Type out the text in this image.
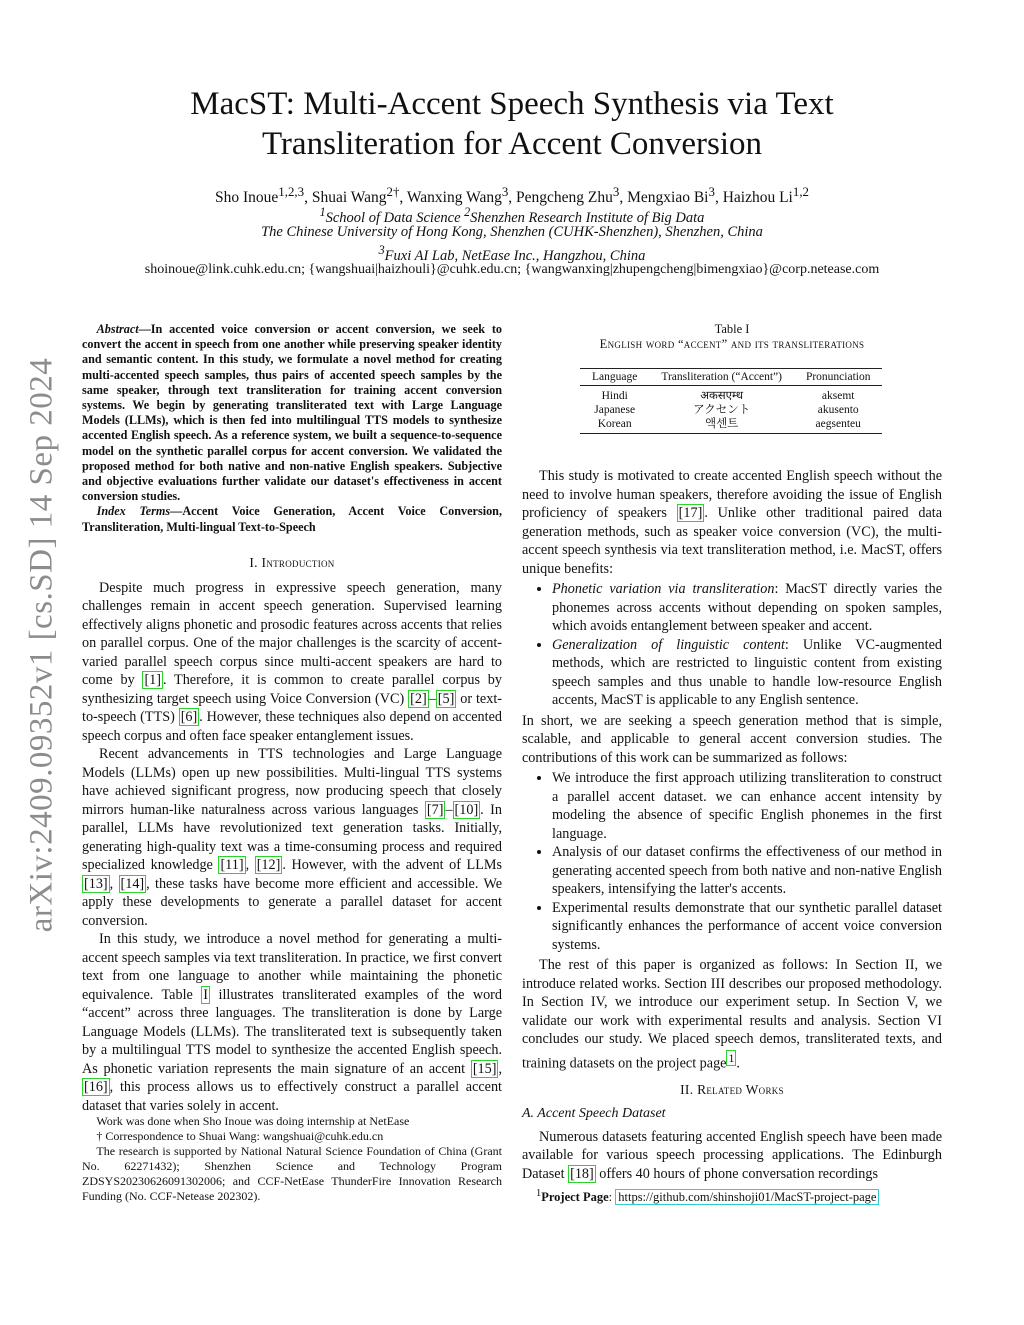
arXiv:2409.09352v1 [cs.SD] 14 Sep 2024
MacST: Multi-Accent Speech Synthesis via Text Transliteration for Accent Conversion
Sho Inoue$^{1,2,3}$, Shuai Wang$^{2\dagger}$, Wanxing Wang$^3$, Pengcheng Zhu$^3$, Mengxiao Bi$^3$, Haizhou Li$^{1,2}$
$^1$School of Data Science $^2$Shenzhen Research Institute of Big Data
The Chinese University of Hong Kong, Shenzhen (CUHK-Shenzhen), Shenzhen, China
$^3$Fuxi AI Lab, NetEase Inc., Hangzhou, China
shoinoue@link.cuhk.edu.cn; {wangshuai|haizhouli}@cuhk.edu.cn; {wangwanxing|zhupengcheng|bimengxiao}@corp.netease.com
Abstract—In accented voice conversion or accent conversion, we seek to convert the accent in speech from one another while preserving speaker identity and semantic content. In this study, we formulate a novel method for creating multi-accented speech samples, thus pairs of accented speech samples by the same speaker, through text transliteration for training accent conversion systems. We begin by generating transliterated text with Large Language Models (LLMs), which is then fed into multilingual TTS models to synthesize accented English speech. As a reference system, we built a sequence-to-sequence model on the synthetic parallel corpus for accent conversion. We validated the proposed method for both native and non-native English speakers. Subjective and objective evaluations further validate our dataset's effectiveness in accent conversion studies.
Index Terms—Accent Voice Generation, Accent Voice Conversion, Transliteration, Multi-lingual Text-to-Speech
I. Introduction

Despite much progress in expressive speech generation, many challenges remain in accent speech generation. Supervised learning effectively aligns phonetic and prosodic features across accents that relies on parallel corpus. One of the major challenges is the scarcity of accent-varied parallel speech corpus since multi-accent speakers are hard to come by [1] . Therefore, it is common to create parallel corpus by synthesizing target speech using Voice Conversion (VC) [2] – [5] or text-to-speech (TTS) [6] . However, these techniques also depend on accented speech corpus and often face speaker entanglement issues.

Recent advancements in TTS technologies and Large Language Models (LLMs) open up new possibilities. Multi-lingual TTS systems have achieved significant progress, now producing speech that closely mirrors human-like naturalness across various languages [7] – [10] . In parallel, LLMs have revolutionized text generation tasks. Initially, generating high-quality text was a time-consuming process and required specialized knowledge [11] , [12] . However, with the advent of LLMs [13] , [14] , these tasks have become more efficient and accessible. We apply these developments to generate a parallel dataset for accent conversion.

In this study, we introduce a novel method for generating a multi-accent speech samples via text transliteration. In practice, we first convert text from one language to another while maintaining the phonetic equivalence. Table I illustrates transliterated examples of the word “accent” across three languages. The transliteration is done by Large Language Models (LLMs). The transliterated text is subsequently taken by a multilingual TTS model to synthesize the accented English speech. As phonetic variation represents the main signature of an accent [15] , [16] , this process allows us to effectively construct a parallel accent dataset that varies solely in accent.

Work was done when Sho Inoue was doing internship at NetEase

† Correspondence to Shuai Wang: wangshuai@cuhk.edu.cn

The research is supported by National Natural Science Foundation of China (Grant No. 62271432); Shenzhen Science and Technology Program ZDSYS20230626091302006; and CCF-NetEase ThunderFire Innovation Research Funding (No. CCF-Netease 202302).

Table I
English word “accent” and its transliterations
Language	Transliteration (“Accent”)	Pronunciation
Hindi	अकसएम्ध	aksemt
Japanese	アクセント	akusento
Korean	액센트	aegsenteu

This study is motivated to create accented English speech without the need to involve human speakers, therefore avoiding the issue of English proficiency of speakers [17] . Unlike other traditional paired data generation methods, such as speaker voice conversion (VC), the multi-accent speech synthesis via text transliteration method, i.e. MacST, offers unique benefits:

• Phonetic variation via transliteration: MacST directly varies the phonemes across accents without depending on spoken samples, which avoids entanglement between speaker and accent.
• Generalization of linguistic content: Unlike VC-augmented methods, which are restricted to linguistic content from existing speech samples and thus unable to handle low-resource English accents, MacST is applicable to any English sentence.

In short, we are seeking a speech generation method that is simple, scalable, and applicable to general accent conversion studies. The contributions of this work can be summarized as follows:

• We introduce the first approach utilizing transliteration to construct a parallel accent dataset. we can enhance accent intensity by modeling the absence of specific English phonemes in the first language.
• Analysis of our dataset confirms the effectiveness of our method in generating accented speech from both native and non-native English speakers, intensifying the latter's accents.
• Experimental results demonstrate that our synthetic parallel dataset significantly enhances the performance of accent voice conversion systems.

The rest of this paper is organized as follows: In Section II, we introduce related works. Section III describes our proposed methodology. In Section IV, we introduce our experiment setup. In Section V, we validate our work with experimental results and analysis. Section VI concludes our study. We placed speech demos, transliterated texts, and training datasets on the project page $^1$ .

II. Related Works
A. Accent Speech Dataset

Numerous datasets featuring accented English speech have been made available for various speech processing applications. The Edinburgh Dataset [18] offers 40 hours of phone conversation recordings

$^1$Project Page: https://github.com/shinshoji01/MacST-project-page
